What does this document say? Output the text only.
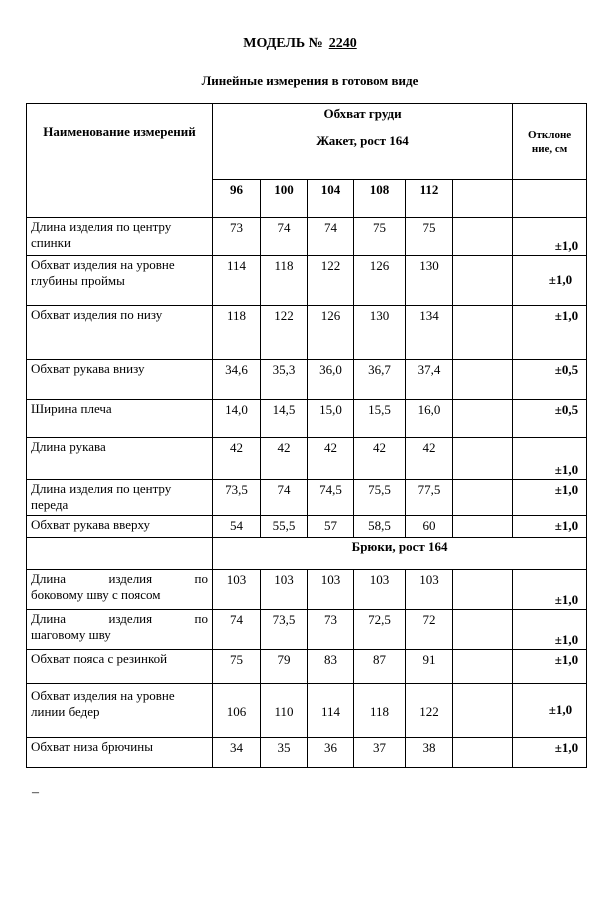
МОДЕЛЬ № 2240
Линейные измерения в готовом виде
Наименование измерений	Обхват груди
Жакет, рост 164						Отклоне ние, см
	96	100	104	108	112		
Длина изделия по центру спинки	73	74	74	75	75		±1,0
Обхват изделия на уровне глубины проймы	114	118	122	126	130		±1,0
Обхват изделия по низу	118	122	126	130	134		±1,0
Обхват рукава внизу	34,6	35,3	36,0	36,7	37,4		±0,5
Ширина плеча	14,0	14,5	15,0	15,5	16,0		±0,5
Длина рукава	42	42	42	42	42		±1,0
Длина изделия по центру переда	73,5	74	74,5	75,5	77,5		±1,0
Обхват рукава вверху	54	55,5	57	58,5	60		±1,0
	Брюки, рост 164						

Длина изделия по
боковому шву с поясом	103	103	103	103	103		±1,0

Длина изделия по
шаговому шву	74	73,5	73	72,5	72		±1,0
Обхват пояса с резинкой	75	79	83	87	91		±1,0
Обхват изделия на уровне линии бедер	106	110	114	118	122		±1,0
Обхват низа брючины	34	35	36	37	38		±1,0
–
